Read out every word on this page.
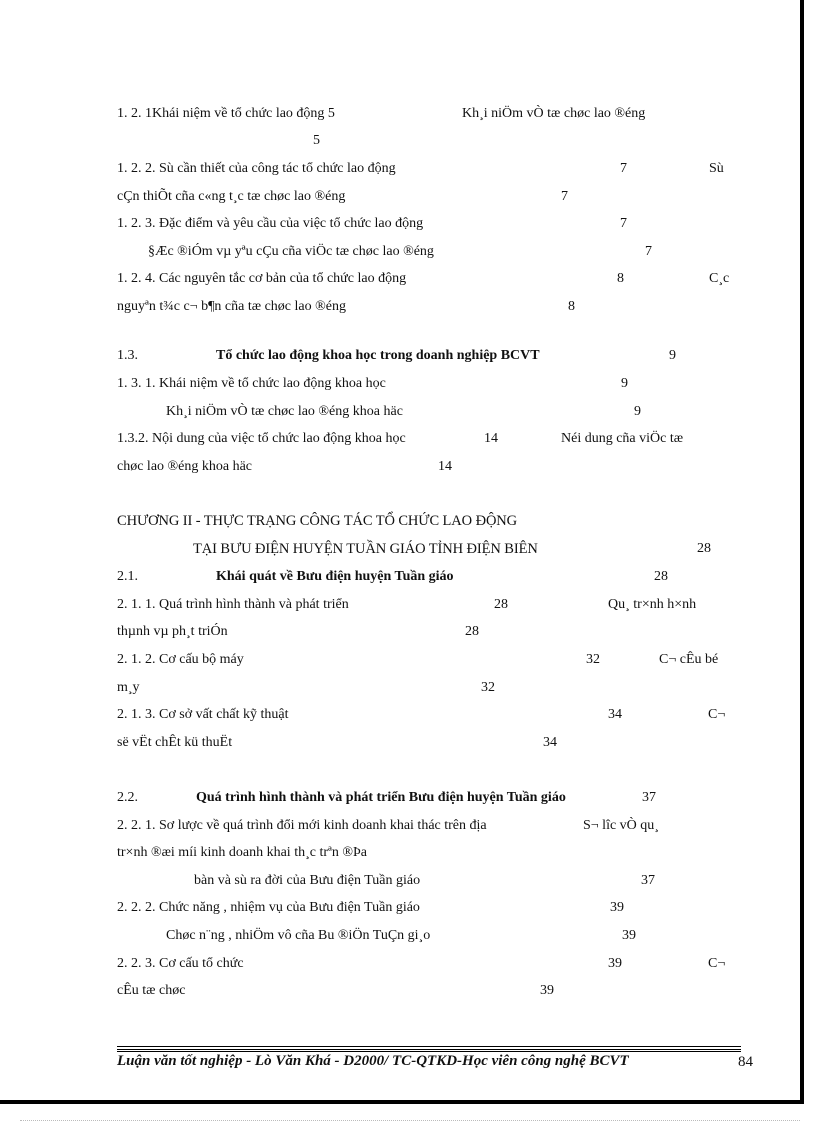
1. 2. 1Khái niệm về tổ chức lao động 5	Kh¸i niÖm vÒ tæ chøc lao ®éng
5
1. 2. 2. Sù cần thiết của công tác tổ chức lao động	7	Sù
cÇn thiÕt cña c«ng t¸c tæ chøc lao ®éng	7
1. 2. 3. Đặc điểm và yêu cầu của việc tổ chức lao động	7
§Æc ®iÓm vµ yªu cÇu cña viÖc tæ chøc lao ®éng	7
1. 2. 4. Các nguyên tắc cơ bản của tổ chức lao động	8	C¸c
nguyªn t¾c c¬ b¶n cña tæ chøc lao ®éng	8
1.3.	Tổ chức lao động khoa học trong doanh nghiệp BCVT	9
1. 3. 1. Khái niệm về tổ chức lao động khoa học	9
Kh¸i niÖm vÒ tæ chøc lao ®éng khoa häc	9
1.3.2. Nội dung của việc tổ chức lao động khoa học	14	Néi dung cña viÖc tæ
chøc lao ®éng khoa häc	14
CHƯƠNG II - THỰC TRẠNG CÔNG TÁC TỔ CHỨC LAO ĐỘNG
TẠI BƯU ĐIỆN HUYỆN TUẦN GIÁO TỈNH ĐIỆN BIÊN	28
2.1.	Khái quát về Bưu điện huyện Tuần giáo	28
2. 1. 1. Quá trình hình thành và phát triển	28	Qu¸ tr×nh h×nh
thµnh vµ ph¸t triÓn	28
2. 1. 2. Cơ cấu bộ máy	32	C¬ cÊu bé
m¸y	32
2. 1. 3. Cơ sở vất chất kỹ thuật	34	C¬
së vËt chÊt kü thuËt	34
2.2.	Quá trình hình thành và phát triển Bưu điện huyện Tuần giáo	37
2. 2. 1. Sơ lược về quá trình đổi mới kinh doanh khai thác trên địa	S¬ lîc vÒ qu¸
tr×nh ®æi míi kinh doanh khai th¸c trªn ®Þa
bàn và sù ra đời của Bưu điện Tuần giáo	37
2. 2. 2. Chức năng , nhiệm vụ của Bưu điện Tuần giáo	39
Chøc n¨ng , nhiÖm vô cña Bu ®iÖn TuÇn gi¸o	39
2. 2. 3. Cơ cấu tổ chức	39	C¬
cÊu tæ chøc	39
Luận văn tốt nghiệp - Lò Văn Khá - D2000/ TC-QTKD-Học viên công nghệ BCVT	84
